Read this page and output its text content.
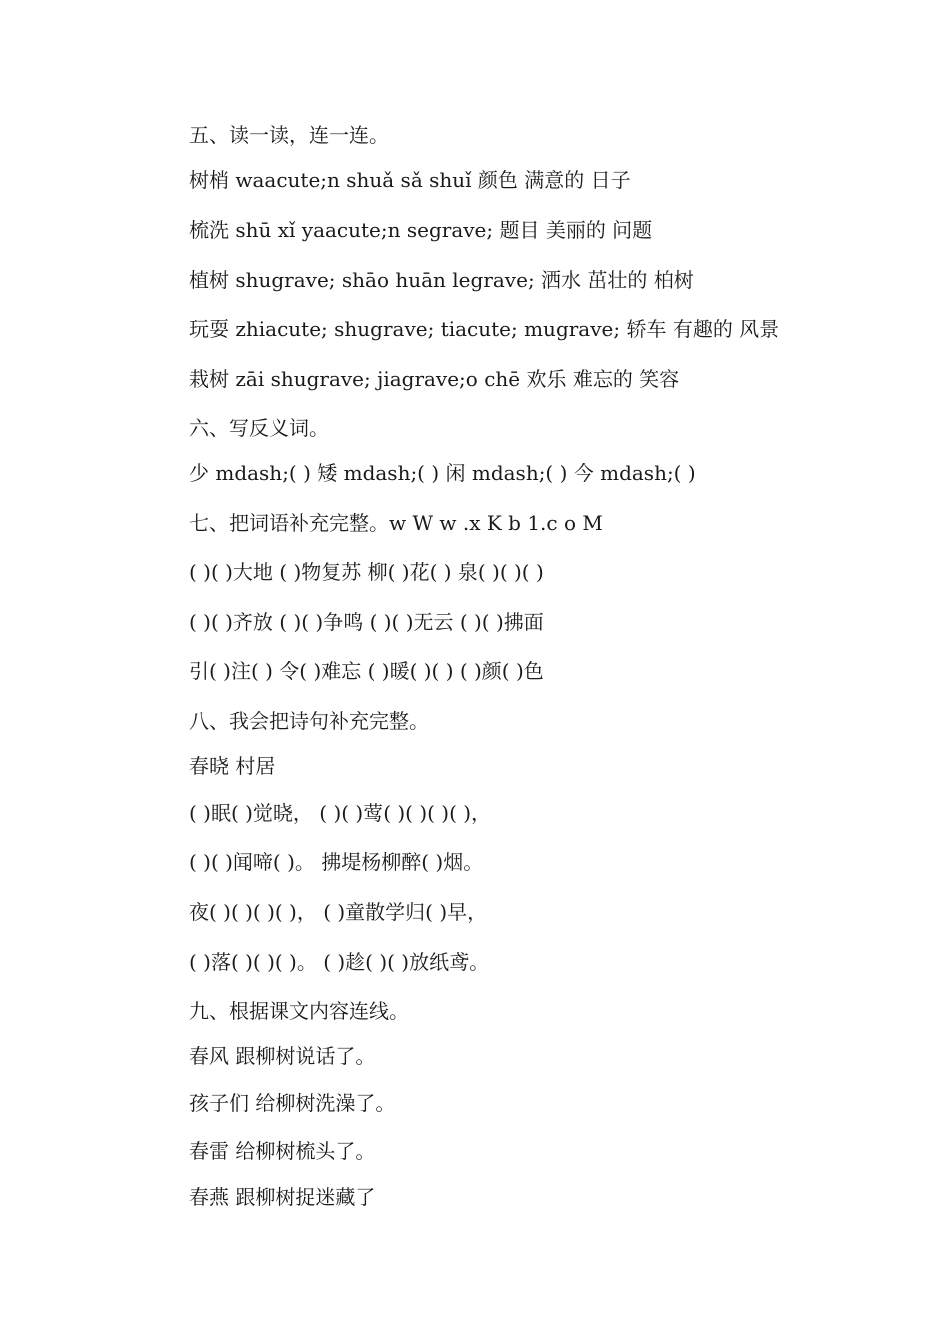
五、读一读，连一连。
树梢 waacute;n shuǎ sǎ shuǐ 颜色 满意的 日子
梳洗 shū xǐ yaacute;n segrave; 题目 美丽的 问题
植树 shugrave; shāo huān legrave; 洒水 茁壮的 柏树
玩耍 zhiacute; shugrave; tiacute; mugrave; 轿车 有趣的 风景
栽树 zāi shugrave; jiagrave;o chē 欢乐 难忘的 笑容
六、写反义词。
少 mdash;( ) 矮 mdash;( ) 闲 mdash;( ) 今 mdash;( )
七、把词语补充完整。w W w .x K b 1.c o M
( )( )大地 ( )物复苏 柳( )花( ) 泉( )( )( )
( )( )齐放 ( )( )争鸣 ( )( )无云 ( )( )拂面
引( )注( ) 令( )难忘 ( )暖( )( ) ( )颜( )色
八、我会把诗句补充完整。
春晓 村居
( )眠( )觉晓， ( )( )莺( )( )( )( )，
( )( )闻啼( )。 拂堤杨柳醉( )烟。
夜( )( )( )( )， ( )童散学归( )早，
( )落( )( )( )。 ( )趁( )( )放纸鸢。
九、根据课文内容连线。
春风 跟柳树说话了。
孩子们 给柳树洗澡了。
春雷 给柳树梳头了。
春燕 跟柳树捉迷藏了
